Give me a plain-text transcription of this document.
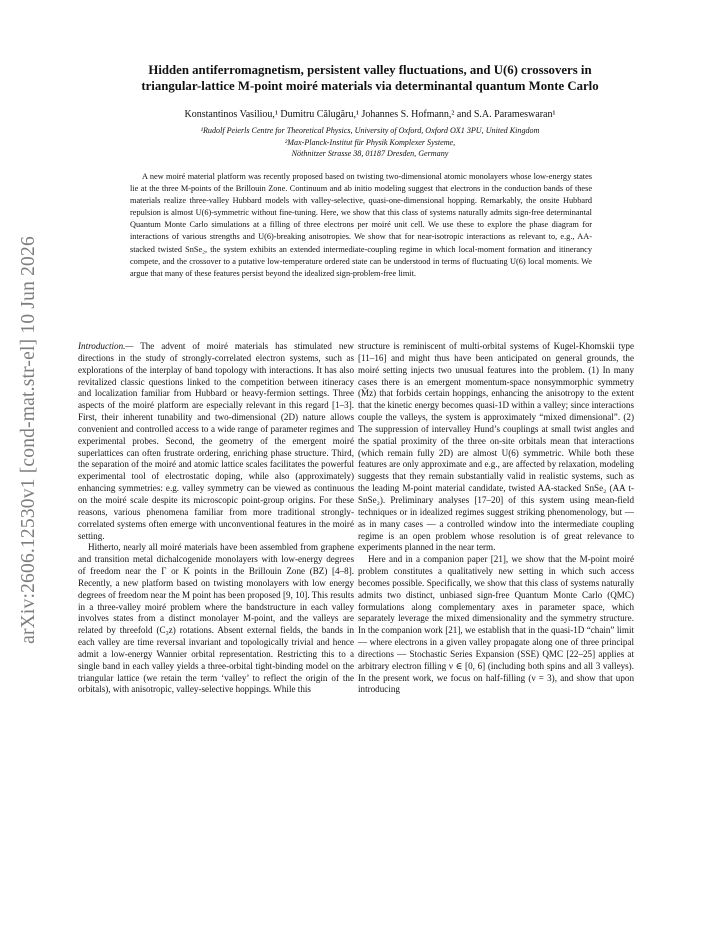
arXiv:2606.12530v1 [cond-mat.str-el] 10 Jun 2026
Hidden antiferromagnetism, persistent valley fluctuations, and U(6) crossovers in
triangular-lattice M-point moiré materials via determinantal quantum Monte Carlo
Konstantinos Vasiliou,¹ Dumitru Călugăru,¹ Johannes S. Hofmann,² and S.A. Parameswaran¹
¹Rudolf Peierls Centre for Theoretical Physics, University of Oxford, Oxford OX1 3PU, United Kingdom
²Max-Planck-Institut für Physik Komplexer Systeme,
Nöthnitzer Strasse 38, 01187 Dresden, Germany
A new moiré material platform was recently proposed based on twisting two-dimensional atomic monolayers whose low-energy states lie at the three M-points of the Brillouin Zone. Continuum and ab initio modeling suggest that electrons in the conduction bands of these materials realize three-valley Hubbard models with valley-selective, quasi-one-dimensional hopping. Remarkably, the onsite Hubbard repulsion is almost U(6)-symmetric without fine-tuning. Here, we show that this class of systems naturally admits sign-free determinantal Quantum Monte Carlo simulations at a filling of three electrons per moiré unit cell. We use these to explore the phase diagram for interactions of various strengths and U(6)-breaking anisotropies. We show that for near-isotropic interactions as relevant to, e.g., AA-stacked twisted SnSe₂, the system exhibits an extended intermediate-coupling regime in which local-moment formation and itinerancy compete, and the crossover to a putative low-temperature ordered state can be understood in terms of fluctuating U(6) local moments. We argue that many of these features persist beyond the idealized sign-problem-free limit.

Introduction.— The advent of moiré materials has stimulated new directions in the study of strongly-correlated electron systems, such as explorations of the interplay of band topology with interactions. It has also revitalized classic questions linked to the competition between itineracy and localization familiar from Hubbard or heavy-fermion settings. Three aspects of the moiré platform are especially relevant in this regard [1–3]. First, their inherent tunability and two-dimensional (2D) nature allows convenient and controlled access to a wide range of parameter regimes and experimental probes. Second, the geometry of the emergent moiré superlattices can often frustrate ordering, enriching phase structure. Third, the separation of the moiré and atomic lattice scales facilitates the powerful experimental tool of electrostatic doping, while also (approximately) enhancing symmetries: e.g. valley symmetry can be viewed as continuous on the moiré scale despite its microscopic point-group origins. For these reasons, various phenomena familiar from more traditional strongly-correlated systems often emerge with unconventional features in the moiré setting.

Hitherto, nearly all moiré materials have been assembled from graphene and transition metal dichalcogenide monolayers with low-energy degrees of freedom near the Γ or K points in the Brillouin Zone (BZ) [4–8]. Recently, a new platform based on twisting monolayers with low energy degrees of freedom near the M point has been proposed [9, 10]. This results in a three-valley moiré problem where the bandstructure in each valley involves states from a distinct monolayer M-point, and the valleys are related by threefold (C₃z) rotations. Absent external fields, the bands in each valley are time reversal invariant and topologically trivial and hence admit a low-energy Wannier orbital representation. Restricting this to a single band in each valley yields a three-orbital tight-binding model on the triangular lattice (we retain the term ‘valley’ to reflect the origin of the orbitals), with anisotropic, valley-selective hoppings. While this

structure is reminiscent of multi-orbital systems of Kugel-Khomskii type [11–16] and might thus have been anticipated on general grounds, the moiré setting injects two unusual features into the problem. (1) In many cases there is an emergent momentum-space nonsymmorphic symmetry (M̃z) that forbids certain hoppings, enhancing the anisotropy to the extent that the kinetic energy becomes quasi-1D within a valley; since interactions couple the valleys, the system is approximately “mixed dimensional”. (2) The suppression of intervalley Hund’s couplings at small twist angles and the spatial proximity of the three on-site orbitals mean that interactions (which remain fully 2D) are almost U(6) symmetric. While both these features are only approximate and e.g., are affected by relaxation, modeling suggests that they remain substantially valid in realistic systems, such as the leading M-point material candidate, twisted AA-stacked SnSe₂ (AA t-SnSe₂). Preliminary analyses [17–20] of this system using mean-field techniques or in idealized regimes suggest striking phenomenology, but — as in many cases — a controlled window into the intermediate coupling regime is an open problem whose resolution is of great relevance to experiments planned in the near term.

Here and in a companion paper [21], we show that the M-point moiré problem constitutes a qualitatively new setting in which such access becomes possible. Specifically, we show that this class of systems naturally admits two distinct, unbiased sign-free Quantum Monte Carlo (QMC) formulations along complementary axes in parameter space, which separately leverage the mixed dimensionality and the symmetry structure. In the companion work [21], we establish that in the quasi-1D “chain” limit — where electrons in a given valley propagate along one of three principal directions — Stochastic Series Expansion (SSE) QMC [22–25] applies at arbitrary electron filling ν ∈ [0, 6] (including both spins and all 3 valleys). In the present work, we focus on half-filling (ν = 3), and show that upon introducing
